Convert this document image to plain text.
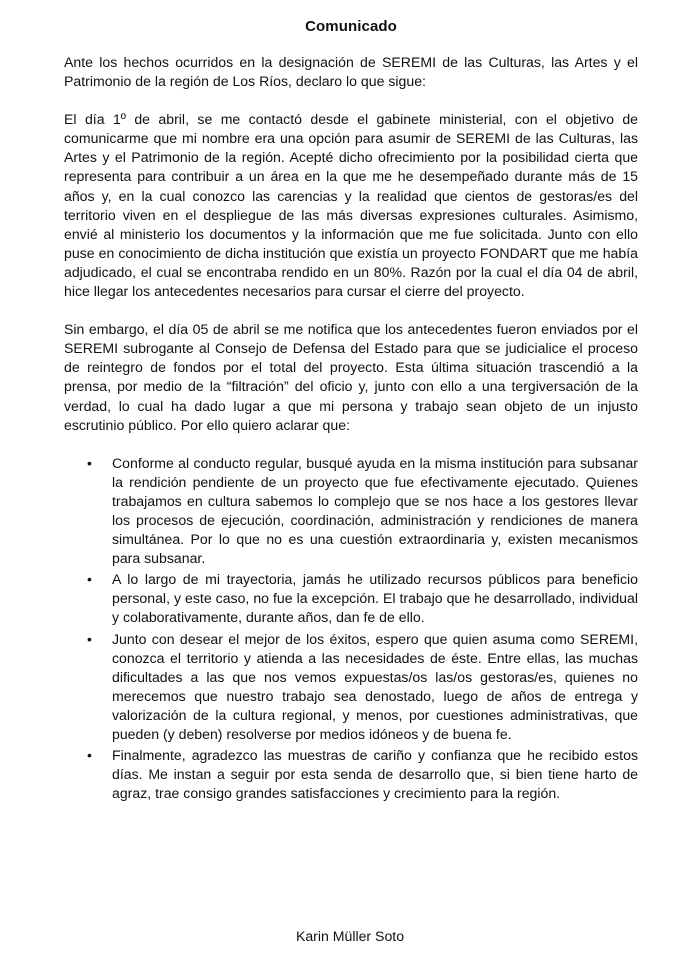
Comunicado

Ante los hechos ocurridos en la designación de SEREMI de las Culturas, las Artes y el Patrimonio de la región de Los Ríos, declaro lo que sigue:

El día 1º de abril, se me contactó desde el gabinete ministerial, con el objetivo de comunicarme que mi nombre era una opción para asumir de SEREMI de las Culturas, las Artes y el Patrimonio de la región. Acepté dicho ofrecimiento por la posibilidad cierta que representa para contribuir a un área en la que me he desempeñado durante más de 15 años y, en la cual conozco las carencias y la realidad que cientos de gestoras/es del territorio viven en el despliegue de las más diversas expresiones culturales. Asimismo, envié al ministerio los documentos y la información que me fue solicitada. Junto con ello puse en conocimiento de dicha institución que existía un proyecto FONDART que me había adjudicado, el cual se encontraba rendido en un 80%. Razón por la cual el día 04 de abril, hice llegar los antecedentes necesarios para cursar el cierre del proyecto.

Sin embargo, el día 05 de abril se me notifica que los antecedentes fueron enviados por el SEREMI subrogante al Consejo de Defensa del Estado para que se judicialice el proceso de reintegro de fondos por el total del proyecto. Esta última situación trascendió a la prensa, por medio de la “filtración” del oficio y, junto con ello a una tergiversación de la verdad, lo cual ha dado lugar a que mi persona y trabajo sean objeto de un injusto escrutinio público. Por ello quiero aclarar que:

• Conforme al conducto regular, busqué ayuda en la misma institución para subsanar la rendición pendiente de un proyecto que fue efectivamente ejecutado. Quienes trabajamos en cultura sabemos lo complejo que se nos hace a los gestores llevar los procesos de ejecución, coordinación, administración y rendiciones de manera simultánea. Por lo que no es una cuestión extraordinaria y, existen mecanismos para subsanar.
• A lo largo de mi trayectoria, jamás he utilizado recursos públicos para beneficio personal, y este caso, no fue la excepción. El trabajo que he desarrollado, individual y colaborativamente, durante años, dan fe de ello.
• Junto con desear el mejor de los éxitos, espero que quien asuma como SEREMI, conozca el territorio y atienda a las necesidades de éste. Entre ellas, las muchas dificultades a las que nos vemos expuestas/os las/os gestoras/es, quienes no merecemos que nuestro trabajo sea denostado, luego de años de entrega y valorización de la cultura regional, y menos, por cuestiones administrativas, que pueden (y deben) resolverse por medios idóneos y de buena fe.
• Finalmente, agradezco las muestras de cariño y confianza que he recibido estos días. Me instan a seguir por esta senda de desarrollo que, si bien tiene harto de agraz, trae consigo grandes satisfacciones y crecimiento para la región.
Karin Müller Soto
